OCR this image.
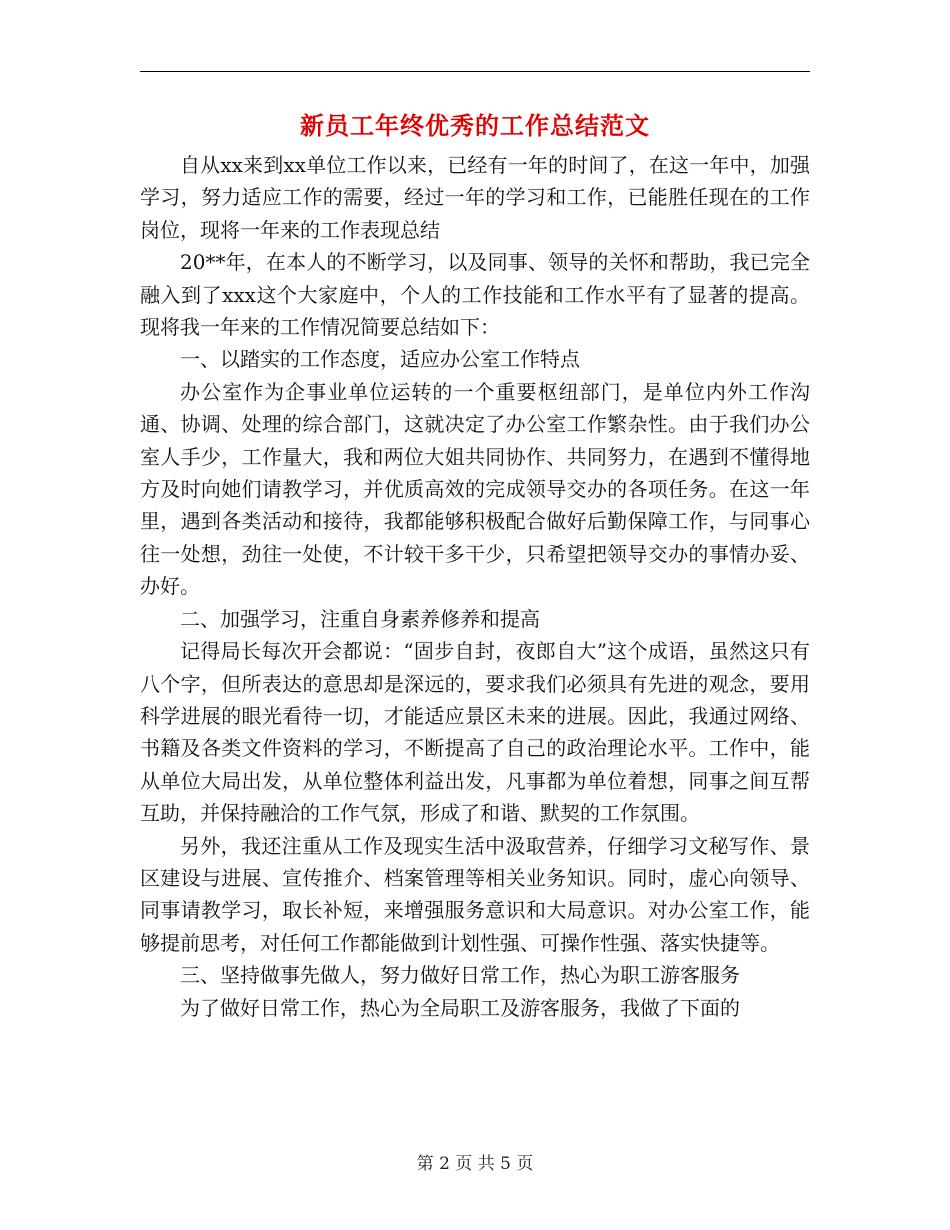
新员工年终优秀的工作总结范文

自从xx来到xx单位工作以来，已经有一年的时间了，在这一年中，加强学习，努力适应工作的需要，经过一年的学习和工作，已能胜任现在的工作岗位，现将一年来的工作表现总结

20**年，在本人的不断学习，以及同事、领导的关怀和帮助，我已完全融入到了xxx这个大家庭中，个人的工作技能和工作水平有了显著的提高。现将我一年来的工作情况简要总结如下：

一、以踏实的工作态度，适应办公室工作特点

办公室作为企事业单位运转的一个重要枢纽部门，是单位内外工作沟通、协调、处理的综合部门，这就决定了办公室工作繁杂性。由于我们办公室人手少，工作量大，我和两位大姐共同协作、共同努力，在遇到不懂得地方及时向她们请教学习，并优质高效的完成领导交办的各项任务。在这一年里，遇到各类活动和接待，我都能够积极配合做好后勤保障工作，与同事心往一处想，劲往一处使，不计较干多干少，只希望把领导交办的事情办妥、办好。

二、加强学习，注重自身素养修养和提高

记得局长每次开会都说：“固步自封，夜郎自大”这个成语，虽然这只有八个字，但所表达的意思却是深远的，要求我们必须具有先进的观念，要用科学进展的眼光看待一切，才能适应景区未来的进展。因此，我通过网络、书籍及各类文件资料的学习，不断提高了自己的政治理论水平。工作中，能从单位大局出发，从单位整体利益出发，凡事都为单位着想，同事之间互帮互助，并保持融洽的工作气氛，形成了和谐、默契的工作氛围。

另外，我还注重从工作及现实生活中汲取营养，仔细学习文秘写作、景区建设与进展、宣传推介、档案管理等相关业务知识。同时，虚心向领导、同事请教学习，取长补短，来增强服务意识和大局意识。对办公室工作，能够提前思考，对任何工作都能做到计划性强、可操作性强、落实快捷等。

三、坚持做事先做人，努力做好日常工作，热心为职工游客服务

为了做好日常工作，热心为全局职工及游客服务，我做了下面的

第 2 页 共 5 页
